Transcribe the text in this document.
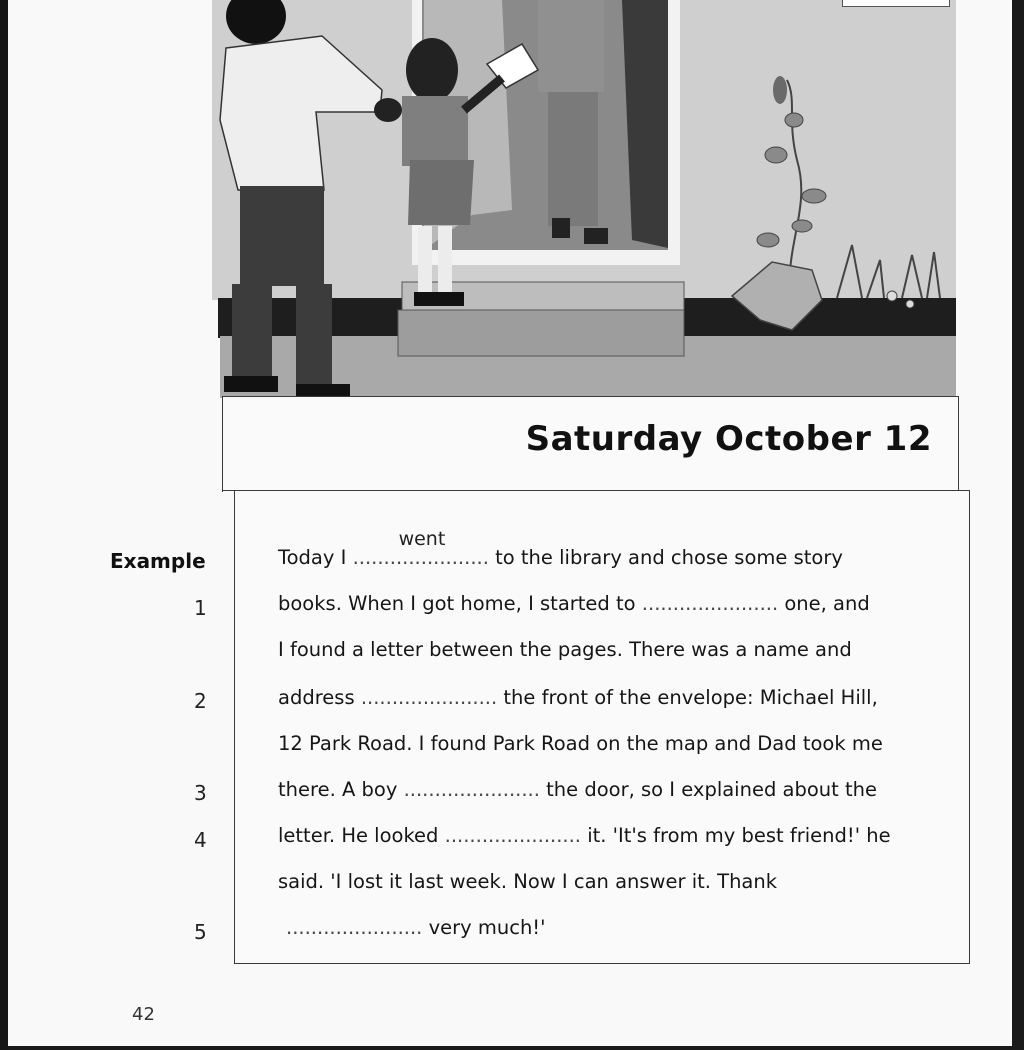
Saturday October 12
Example
1
2
3
4
5
Today I
went
...................... to the library and chose some story
books. When I got home, I started to ...................... one, and
I found a letter between the pages. There was a name and
address ...................... the front of the envelope: Michael Hill,
12 Park Road. I found Park Road on the map and Dad took me
there. A boy ...................... the door, so I explained about the
letter. He looked ...................... it. 'It's from my best friend!' he
said. 'I lost it last week. Now I can answer it. Thank
...................... very much!'
42
